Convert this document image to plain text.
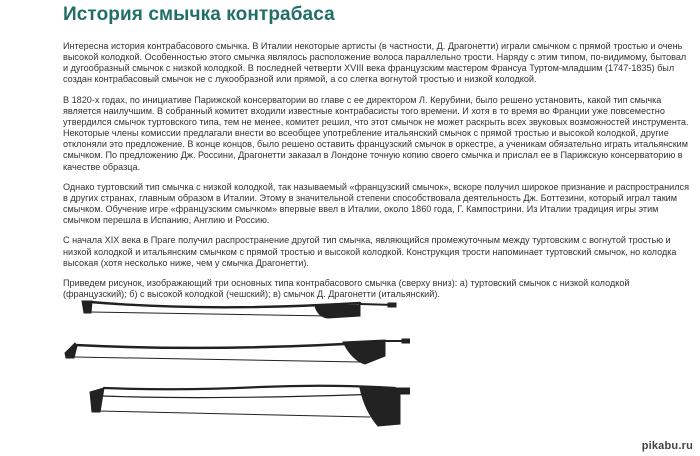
История смычка контрабаса

Интересна история контрабасового смычка. В Италии некоторые артисты (в частности, Д. Драгонетти) играли смычком с прямой тростью и очень высокой колодкой. Особенностью этого смычка являлось расположение волоса параллельно трости. Наряду с этим типом, по-видимому, бытовал и дугообразный смычок с низкой колодкой. В последней четверти XVIII века французским мастером Франсуа Туртом-младшим (1747-1835) был создан контрабасовый смычок не с лукообразной или прямой, а со слегка вогнутой тростью и низкой колодкой.

В 1820-х годах, по инициативе Парижской консерватории во главе с ее директором Л. Керубини, было решено установить, какой тип смычка является наилучшим. В собранный комитет входили известные контрабасисты того времени. И хотя в то время во Франции уже повсеместно утвердился смычок туртовского типа, тем не менее, комитет решил, что этот смычок не может раскрыть всех звуковых возможностей инструмента. Некоторые члены комиссии предлагали внести во всеобщее употребление итальянский смычок с прямой тростью и высокой колодкой, другие отклоняли это предложение. В конце концов, было решено оставить французский смычок в оркестре, а ученикам обязательно играть итальянским смычком. По предложению Дж. Россини, Драгонетти заказал в Лондоне точную копию своего смычка и прислал ее в Парижскую консерваторию в качестве образца.

Однако туртовский тип смычка с низкой колодкой, так называемый «французский смычок», вскоре получил широкое признание и распространился в других странах, главным образом в Италии. Этому в значительной степени способствовала деятельность Дж. Боттезини, который играл таким смычком. Обучение игре «французским смычком» впервые ввел в Италии, около 1860 года, Г. Кампострини. Из Италии традиция игры этим смычком перешла в Испанию, Англию и Россию.

С начала XIX века в Праге получил распространение другой тип смычка, являющийся промежуточным между туртовским с вогнутой тростью и низкой колодкой и итальянским смычком с прямой тростью и высокой колодкой. Конструкция трости напоминает туртовский смычок, но колодка высокая (хотя несколько ниже, чем у смычка Драгонетти).

Приведем рисунок, изображающий три основных типа контрабасового смычка (сверху вниз): а) туртовский смычок с низкой колодкой (французский); б) с высокой колодкой (чешский); в) смычок Д. Драгонетти (итальянский).

pikabu.ru
